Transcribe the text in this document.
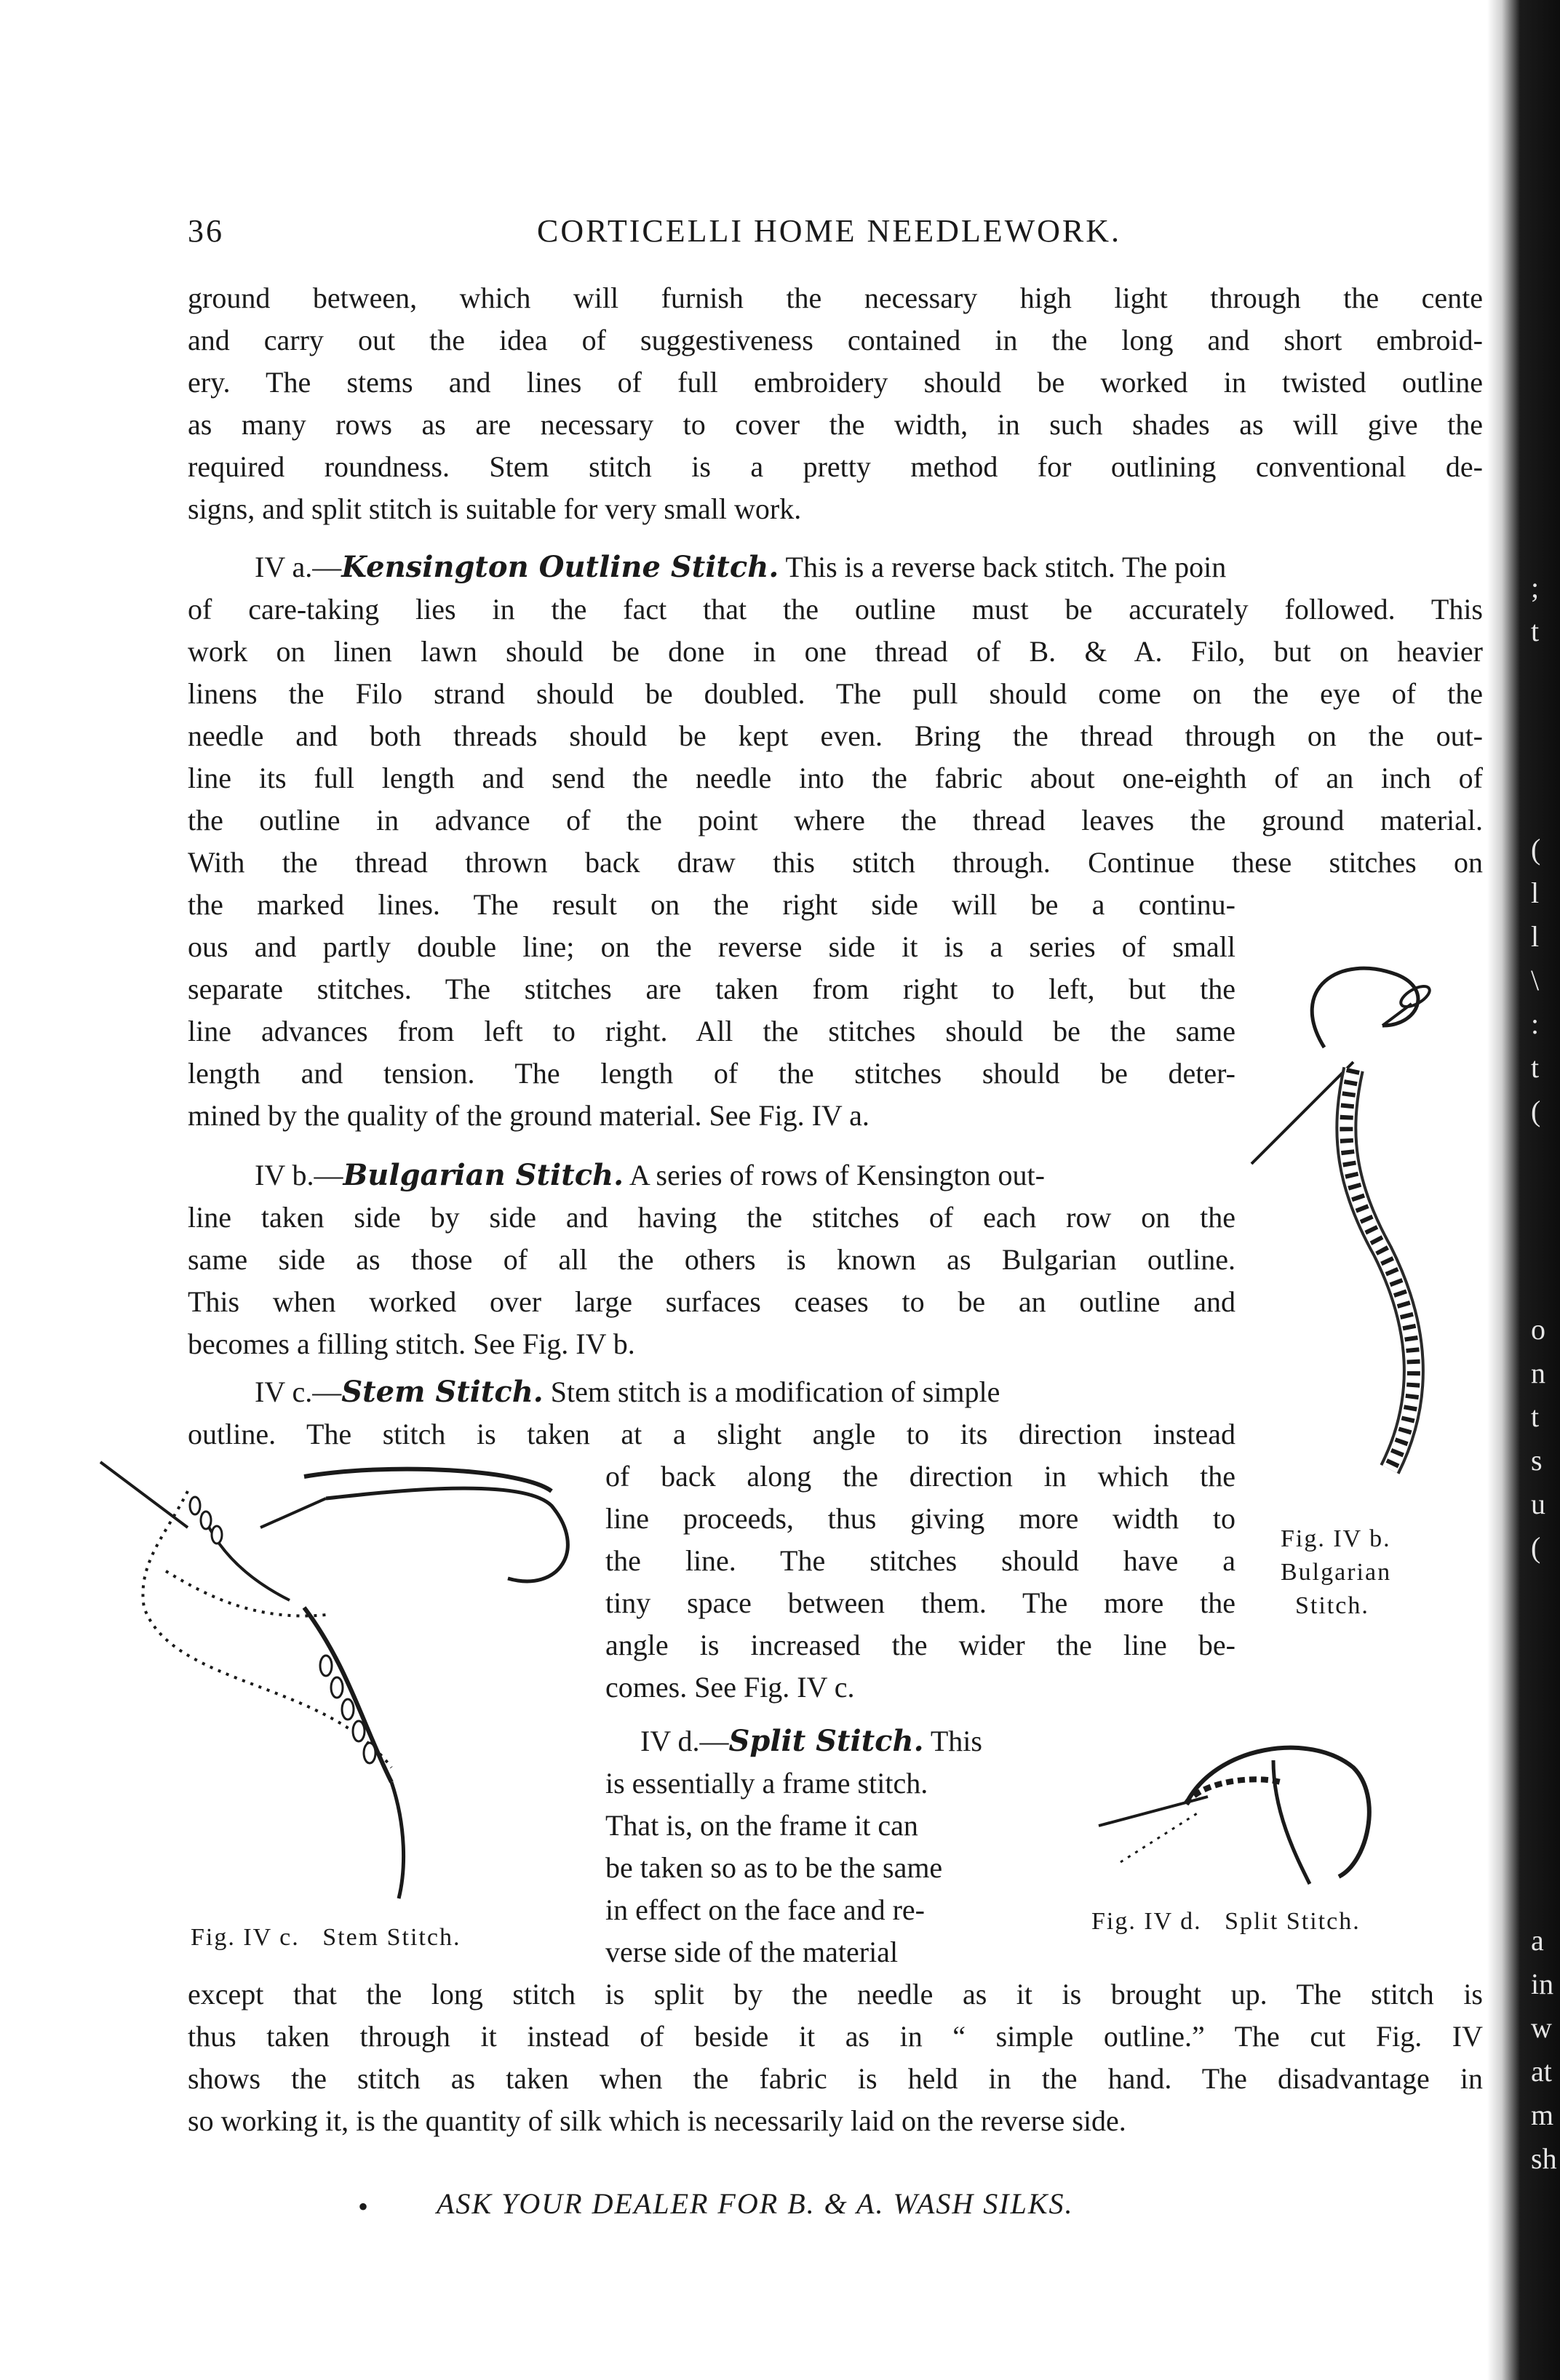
;
t
(
l
l
\
:
t
(
o
n
t
s
u
(
a
in
w
at
m
sh
36	CORTICELLI HOME NEEDLEWORK.
ground between, which will furnish the necessary high light through the cente
and carry out the idea of suggestiveness contained in the long and short embroid-
ery. The stems and lines of full embroidery should be worked in twisted outline
as many rows as are necessary to cover the width, in such shades as will give the
required roundness. Stem stitch is a pretty method for outlining conventional de-
signs, and split stitch is suitable for very small work.
IV a.—Kensington Outline Stitch. This is a reverse back stitch. The poin
of care-taking lies in the fact that the outline must be accurately followed. This
work on linen lawn should be done in one thread of B. & A. Filo, but on heavier
linens the Filo strand should be doubled. The pull should come on the eye of the
needle and both threads should be kept even. Bring the thread through on the out-
line its full length and send the needle into the fabric about one-eighth of an inch of
the outline in advance of the point where the thread leaves the ground material.
With the thread thrown back draw this stitch through. Continue these stitches on
the marked lines. The result on the right side will be a continu-
ous and partly double line; on the reverse side it is a series of small
separate stitches. The stitches are taken from right to left, but the
line advances from left to right. All the stitches should be the same
length and tension. The length of the stitches should be deter-
mined by the quality of the ground material. See Fig. IV a.
IV b.—Bulgarian Stitch. A series of rows of Kensington out-
line taken side by side and having the stitches of each row on the
same side as those of all the others is known as Bulgarian outline.
This when worked over large surfaces ceases to be an outline and
becomes a filling stitch. See Fig. IV b.
IV c.—Stem Stitch. Stem stitch is a modification of simple
outline. The stitch is taken at a slight angle to its direction instead
of back along the direction in which the
line proceeds, thus giving more width to
the line. The stitches should have a
tiny space between them. The more the
angle is increased the wider the line be-
comes. See Fig. IV c.
IV d.—Split Stitch. This
is essentially a frame stitch.
That is, on the frame it can
be taken so as to be the same
in effect on the face and re-
verse side of the material
except that the long stitch is split by the needle as it is brought up. The stitch is
thus taken through it instead of beside it as in “ simple outline.” The cut Fig. IV
shows the stitch as taken when the fabric is held in the hand. The disadvantage in
so working it, is the quantity of silk which is necessarily laid on the reverse side.
Fig. IV b.
Bulgarian
Stitch.
Fig. IV c.   Stem Stitch.
Fig. IV d.   Split Stitch.
ASK YOUR DEALER FOR B. & A. WASH SILKS.
•
